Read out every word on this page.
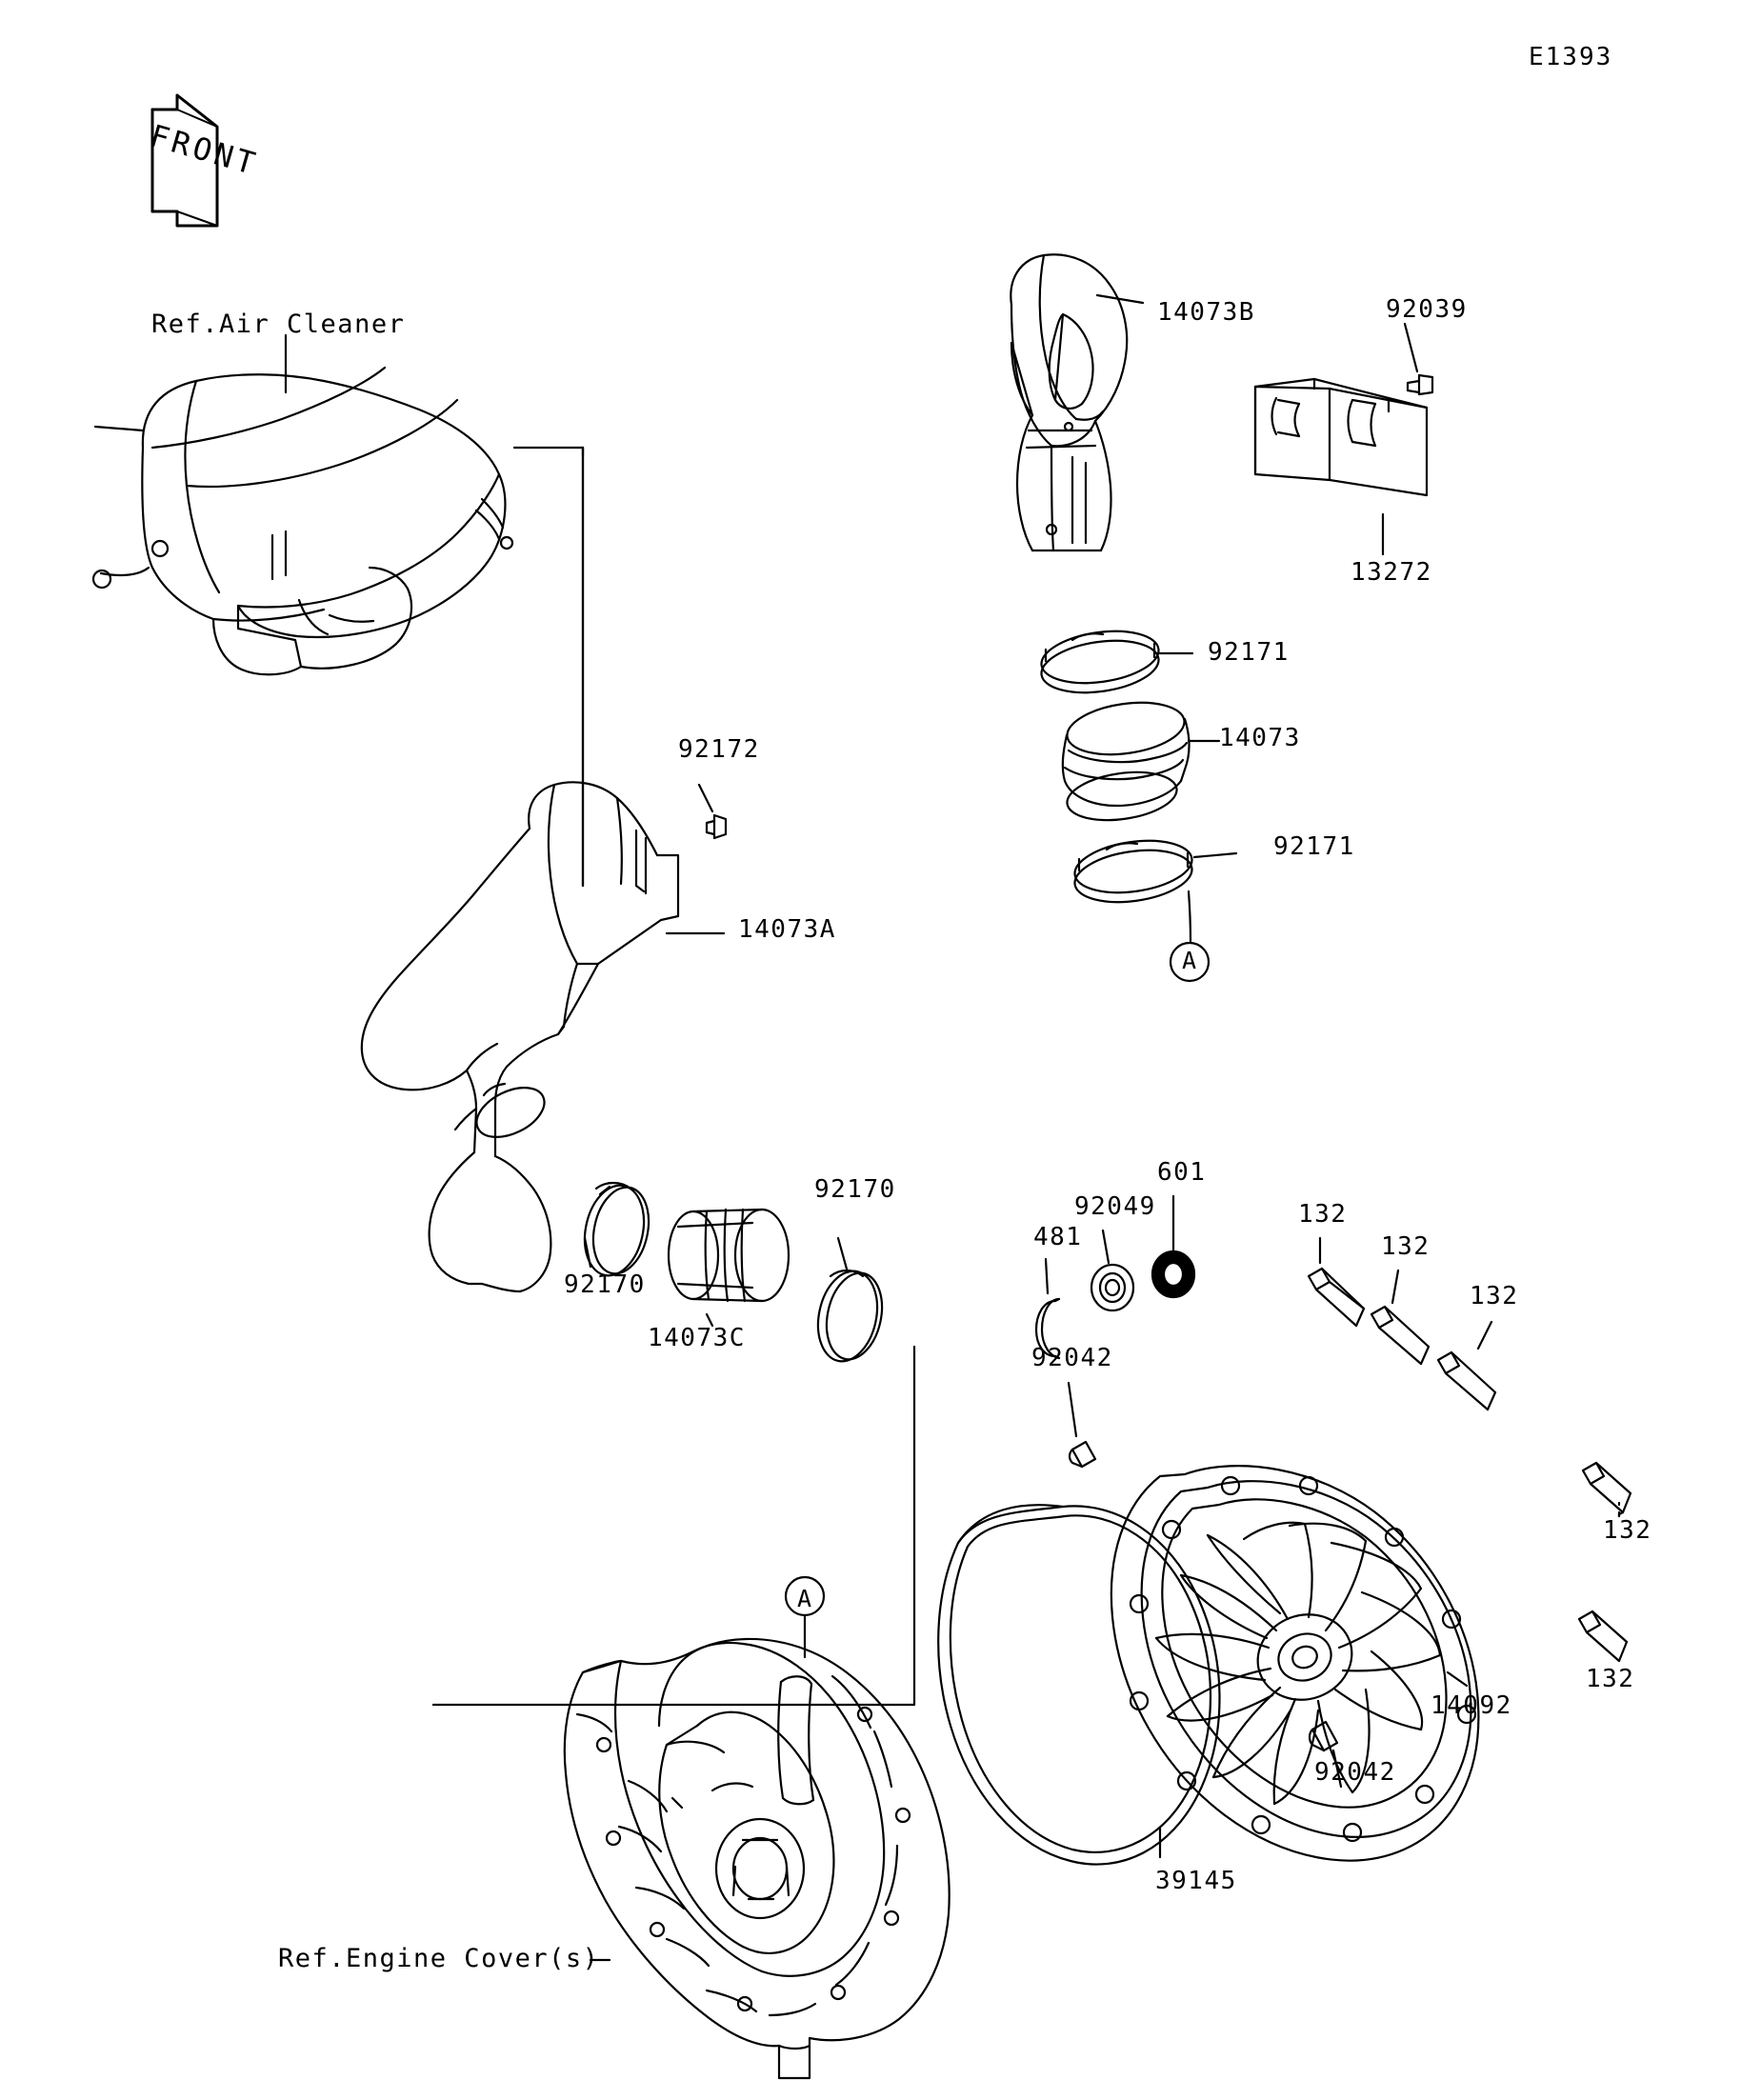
E1393
Ref.Air Cleaner
Ref.Engine Cover(s)
FRONT
14073B	92039
13272
92171
14073
92171
92172
14073A
92170
14073C
92170
601
92049
481
92042
132
132
132
132
132
14092
92042
39145
A
A
